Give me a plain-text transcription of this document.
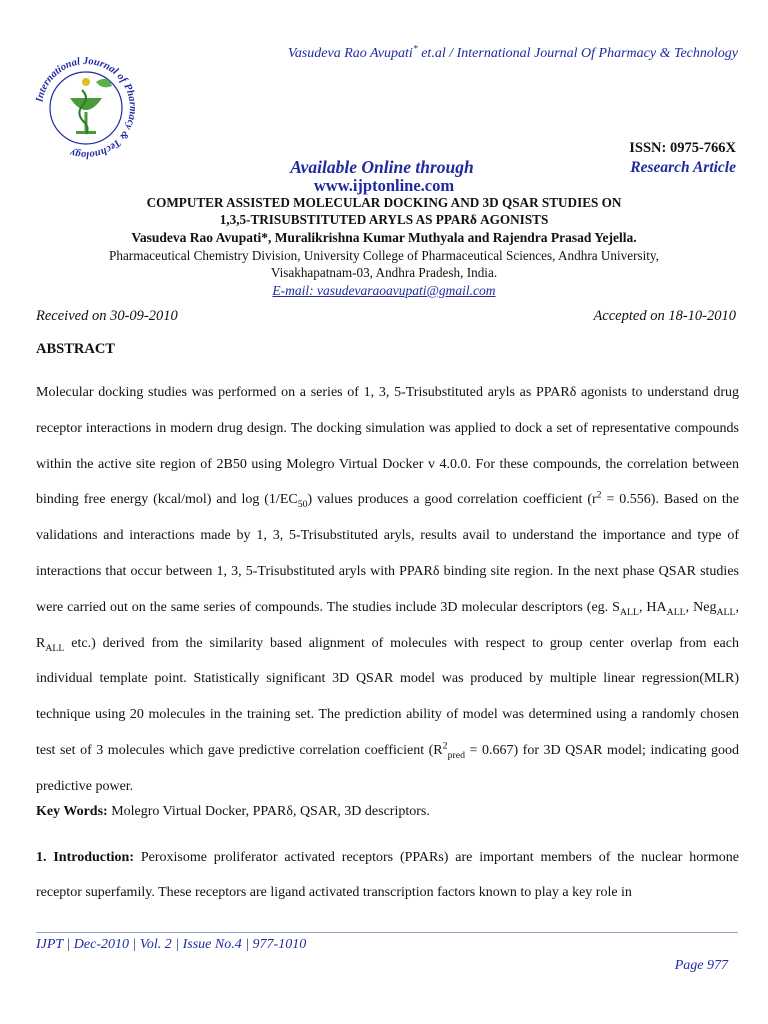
Vasudeva Rao Avupati* et.al / International Journal Of Pharmacy & Technology
International Journal of Pharmacy & Technology	ISSN: 0975-766X
Research Article
Available Online through
www.ijptonline.com
COMPUTER ASSISTED MOLECULAR DOCKING AND 3D QSAR STUDIES ON
1,3,5-TRISUBSTITUTED ARYLS AS PPARδ AGONISTS
Vasudeva Rao Avupati*, Muralikrishna Kumar Muthyala and Rajendra Prasad Yejella.
Pharmaceutical Chemistry Division, University College of Pharmaceutical Sciences, Andhra University,
Visakhapatnam-03, Andhra Pradesh, India.
E-mail: vasudevaraoavupati@gmail.com
Received on 30-09-2010	Accepted on 18-10-2010
ABSTRACT

Molecular docking studies was performed on a series of 1, 3, 5-Trisubstituted aryls as PPARδ agonists to understand drug receptor interactions in modern drug design. The docking simulation was applied to dock a set of representative compounds within the active site region of 2B50 using Molegro Virtual Docker v 4.0.0. For these compounds, the correlation between binding free energy (kcal/mol) and $\log (1/EC_{50})$ values produces a good correlation coefficient $(r^2 = 0.556)$. Based on the validations and interactions made by 1, 3, 5-Trisubstituted aryls, results avail to understand the importance and type of interactions that occur between 1, 3, 5-Trisubstituted aryls with PPARδ binding site region. In the next phase QSAR studies were carried out on the same series of compounds. The studies include 3D molecular descriptors (eg. $S_{ALL}$, $HA_{ALL}$, Neg$_{ALL}$, $R_{ALL}$ etc.) derived from the similarity based alignment of molecules with respect to group center overlap from each individual template point. Statistically significant 3D QSAR model was produced by multiple linear regression(MLR) technique using 20 molecules in the training set. The prediction ability of model was determined using a randomly chosen test set of 3 molecules which gave predictive correlation coefficient $(R^2_{pred} = 0.667)$ for 3D QSAR model; indicating good predictive power.

Key Words: Molegro Virtual Docker, PPARδ, QSAR, 3D descriptors.

1. Introduction: Peroxisome proliferator activated receptors (PPARs) are important members of the nuclear hormone receptor superfamily. These receptors are ligand activated transcription factors known to play a key role in

IJPT | Dec-2010 | Vol. 2 | Issue No.4 | 977-1010
Page 977
